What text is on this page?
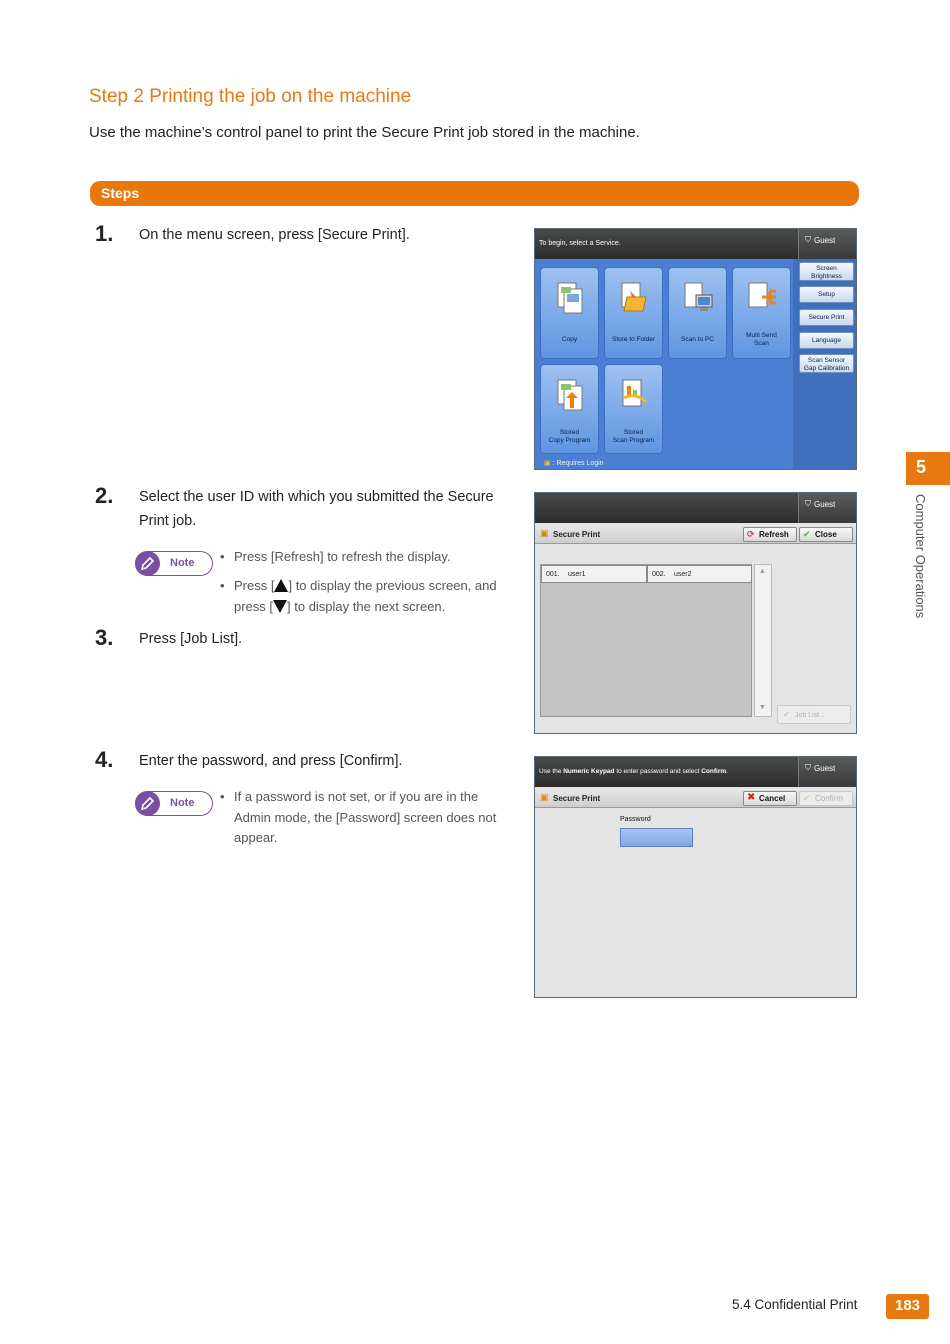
Step 2 Printing the job on the machine
Use the machine’s control panel to print the Secure Print job stored in the machine.
Steps
1. On the menu screen, press [Secure Print].
To begin, select a Service.	⛉ Guest
Copy	Store to Folder	Scan to PC
Multi Send
Scan
Stored
Copy Program
Stored
Scan Program
Screen
Brightness
Setup
Secure Print
Language
Scan Sensor
Gap Calibration
▣ : Requires Login
2. Select the user ID with which you submitted the Secure
Print job.
Note	• Press [Refresh] to refresh the display.
• Press [ ] to display the previous screen, and
press [ ] to display the next screen.
⛉ Guest
▣ Secure Print	⟳ Refresh ✔ Close
001. user1	002. user2	▲
▼
✔ Job List...
3. Press [Job List].
4. Enter the password, and press [Confirm].
Note	• If a password is not set, or if you are in the
Admin mode, the [Password] screen does not
appear.
Use the Numeric Keypad to enter password and select Confirm.	⛉ Guest
▣ Secure Print	✖ Cancel ✔ Confirm
Password
5
Computer Operations
5.4 Confidential Print	183
